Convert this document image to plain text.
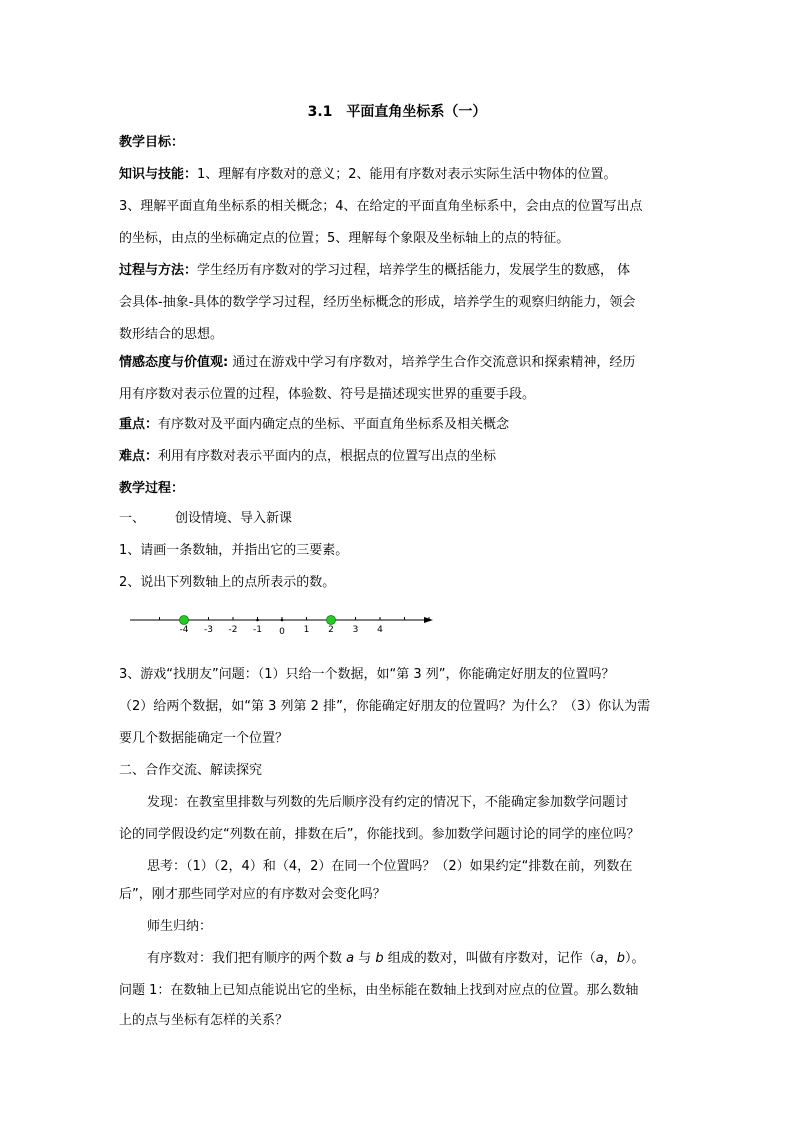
3.1　平面直角坐标系（一）
教学目标：
知识与技能：1、理解有序数对的意义；2、能用有序数对表示实际生活中物体的位置。
3、理解平面直角坐标系的相关概念；4、在给定的平面直角坐标系中，会由点的位置写出点
的坐标，由点的坐标确定点的位置；5、理解每个象限及坐标轴上的点的特征。
过程与方法：学生经历有序数对的学习过程，培养学生的概括能力，发展学生的数感， 体
会具体-抽象-具体的数学学习过程，经历坐标概念的形成，培养学生的观察归纳能力，领会
数形结合的思想。
情感态度与价值观: 通过在游戏中学习有序数对，培养学生合作交流意识和探索精神，经历
用有序数对表示位置的过程，体验数、符号是描述现实世界的重要手段。
重点：有序数对及平面内确定点的坐标、平面直角坐标系及相关概念
难点：利用有序数对表示平面内的点，根据点的位置写出点的坐标
教学过程：
一、 创设情境、导入新课
1、请画一条数轴，并指出它的三要素。
2、说出下列数轴上的点所表示的数。
-4 -3 -2 -1 0 1 2 3 4
3、游戏“找朋友”问题：（1）只给一个数据，如“第 3 列”，你能确定好朋友的位置吗？
（2）给两个数据，如“第 3 列第 2 排”，你能确定好朋友的位置吗？为什么？（3）你认为需
要几个数据能确定一个位置？
二、合作交流、解读探究
发现：在教室里排数与列数的先后顺序没有约定的情况下，不能确定参加数学问题讨
论的同学假设约定“列数在前，排数在后”，你能找到。参加数学问题讨论的同学的座位吗？
思考：（1）（2，4）和（4，2）在同一个位置吗？（2）如果约定“排数在前，列数在
后”，刚才那些同学对应的有序数对会变化吗？
师生归纳：
有序数对：我们把有顺序的两个数 a 与 b 组成的数对，叫做有序数对，记作（a，b）。
问题 1：在数轴上已知点能说出它的坐标，由坐标能在数轴上找到对应点的位置。那么数轴
上的点与坐标有怎样的关系？
